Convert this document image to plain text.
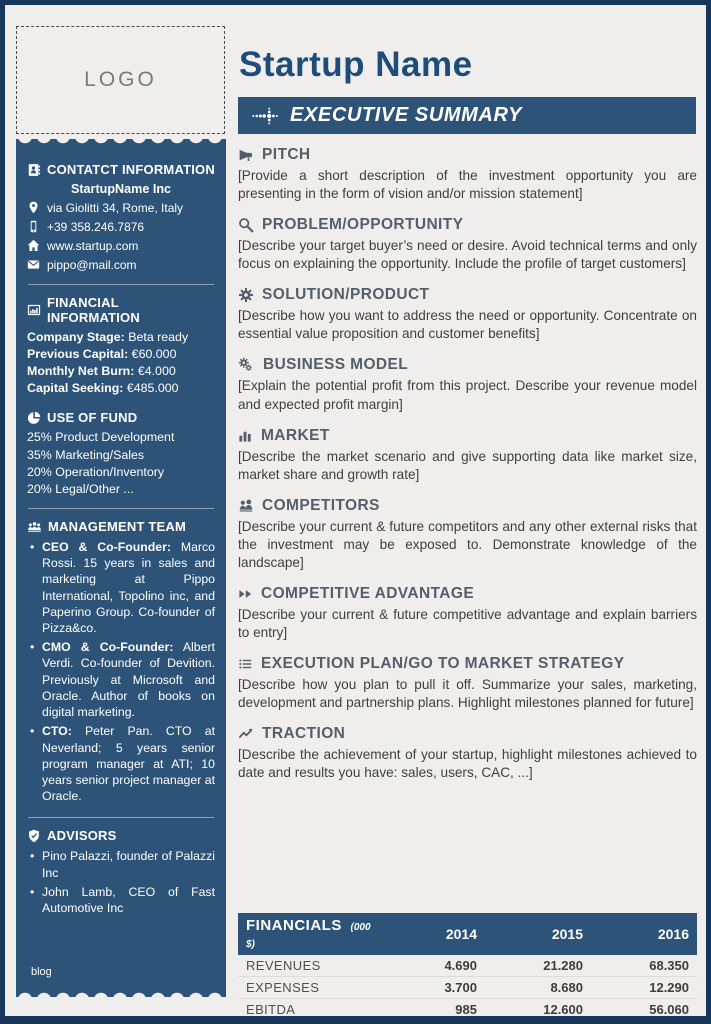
LOGO Startup Name
EXECUTIVE SUMMARY
CONTATCT INFORMATION
StartupName Inc
via Giolitti 34, Rome, Italy
+39 358.246.7876
www.startup.com
pippo@mail.com
FINANCIAL INFORMATION
Company Stage: Beta ready
Previous Capital: €60.000
Monthly Net Burn: €4.000
Capital Seeking: €485.000
USE OF FUND
25% Product Development
35% Marketing/Sales
20% Operation/Inventory
20% Legal/Other ...
MANAGEMENT TEAM
• CEO & Co-Founder: Marco Rossi. 15 years in sales and marketing at Pippo International, Topolino inc, and Paperino Group. Co-founder of Pizza&co.
• CMO & Co-Founder: Albert Verdi. Co-founder of Devition. Previously at Microsoft and Oracle. Author of books on digital marketing.
• CTO: Peter Pan. CTO at Neverland; 5 years senior program manager at ATI; 10 years senior project manager at Oracle.
ADVISORS
• Pino Palazzi, founder of Palazzi Inc
• John Lamb, CEO of Fast Automotive Inc
blog
PITCH

[Provide a short description of the investment opportunity you are presenting in the form of vision and/or mission statement]

PROBLEM/OPPORTUNITY

[Describe your target buyer’s need or desire. Avoid technical terms and only focus on explaining the opportunity. Include the profile of target customers]

SOLUTION/PRODUCT

[Describe how you want to address the need or opportunity. Concentrate on essential value proposition and customer benefits]

BUSINESS MODEL

[Explain the potential profit from this project. Describe your revenue model and expected profit margin]

MARKET

[Describe the market scenario and give supporting data like market size, market share and growth rate]

COMPETITORS

[Describe your current & future competitors and any other external risks that the investment may be exposed to. Demonstrate knowledge of the landscape]

COMPETITIVE ADVANTAGE

[Describe your current & future competitive advantage and explain barriers to entry]

EXECUTION PLAN/GO TO MARKET STRATEGY

[Describe how you plan to pull it off. Summarize your sales, marketing, development and partnership plans. Highlight milestones planned for future]

TRACTION

[Describe the achievement of your startup, highlight milestones achieved to date and results you have: sales, users, CAC, ...]

FINANCIALS (000 $)	2014	2015	2016
REVENUES	4.690	21.280	68.350
EXPENSES	3.700	8.680	12.290
EBITDA	985	12.600	56.060
